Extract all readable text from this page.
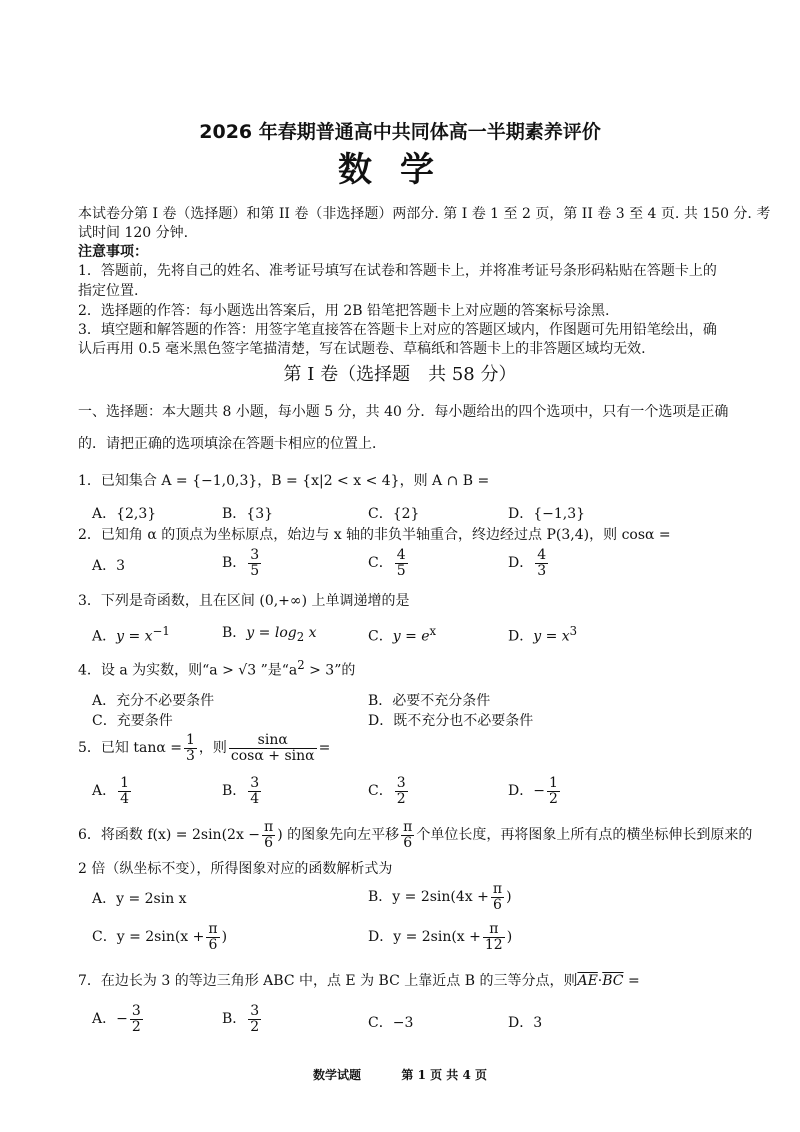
2026 年春期普通高中共同体高一半期素养评价
数学
本试卷分第 I 卷（选择题）和第 II 卷（非选择题）两部分. 第 I 卷 1 至 2 页，第 II 卷 3 至 4 页. 共 150 分. 考
试时间 120 分钟.
注意事项：
1．答题前，先将自己的姓名、准考证号填写在试卷和答题卡上，并将准考证号条形码粘贴在答题卡上的
指定位置.
2．选择题的作答：每小题选出答案后，用 2B 铅笔把答题卡上对应题的答案标号涂黑.
3．填空题和解答题的作答：用签字笔直接答在答题卡上对应的答题区域内，作图题可先用铅笔绘出，确
认后再用 0.5 毫米黑色签字笔描清楚，写在试题卷、草稿纸和答题卡上的非答题区域均无效.
第 I 卷（选择题　共 58 分）
一、选择题：本大题共 8 小题，每小题 5 分，共 40 分．每小题给出的四个选项中，只有一个选项是正确
的．请把正确的选项填涂在答题卡相应的位置上．
1．已知集合 A = {−1,0,3}，B = {x|2 < x < 4}，则 A ∩ B =
A．{2,3}	B．{3}	C．{2}	D．{−1,3}
2．已知角 α 的顶点为坐标原点，始边与 x 轴的非负半轴重合，终边经过点 P(3,4)，则 cosα =
A．3	B． $\frac{3}{5}$	C． $\frac{4}{5}$	D． $\frac{4}{3}$
3．下列是奇函数，且在区间 (0,+∞) 上单调递增的是
A．$y = x^{-1}$	B．$y = \log_2 x$	C．$y = e^x$	D．$y = x^3$
4．设 a 为实数，则“a > √3 ”是“$a^2 > 3$”的
A．充分不必要条件	B．必要不充分条件
C．充要条件	D．既不充分也不必要条件
5．已知 $\tan\alpha = \frac{1}{3}$ ，则 $\frac{\sin\alpha}{\cos\alpha + \sin\alpha}$ =
A． $\frac{1}{4}$	B． $\frac{3}{4}$	C． $\frac{3}{2}$	D．− $\frac{1}{2}$
6．将函数 $f(x) = 2\sin(2x - \frac{\pi}{6}$ ) 的图象先向左平移 $\frac{\pi}{6}$ 个单位长度，再将图象上所有点的横坐标伸长到原来的
2 倍（纵坐标不变），所得图象对应的函数解析式为
A．y = 2sin x	B．$y = 2\sin(4x + \frac{\pi}{6}$ )
C．$y = 2\sin(x + \frac{\pi}{6}$ )	D．$y = 2\sin(x + \frac{\pi}{12}$ )
7．在边长为 3 的等边三角形 ABC 中，点 E 为 BC 上靠近点 B 的三等分点，则$\overline{AE}\cdot\overline{BC}$ =
A．− $\frac{3}{2}$	B． $\frac{3}{2}$	C．−3	D．3
数学试题	第 1 页 共 4 页
